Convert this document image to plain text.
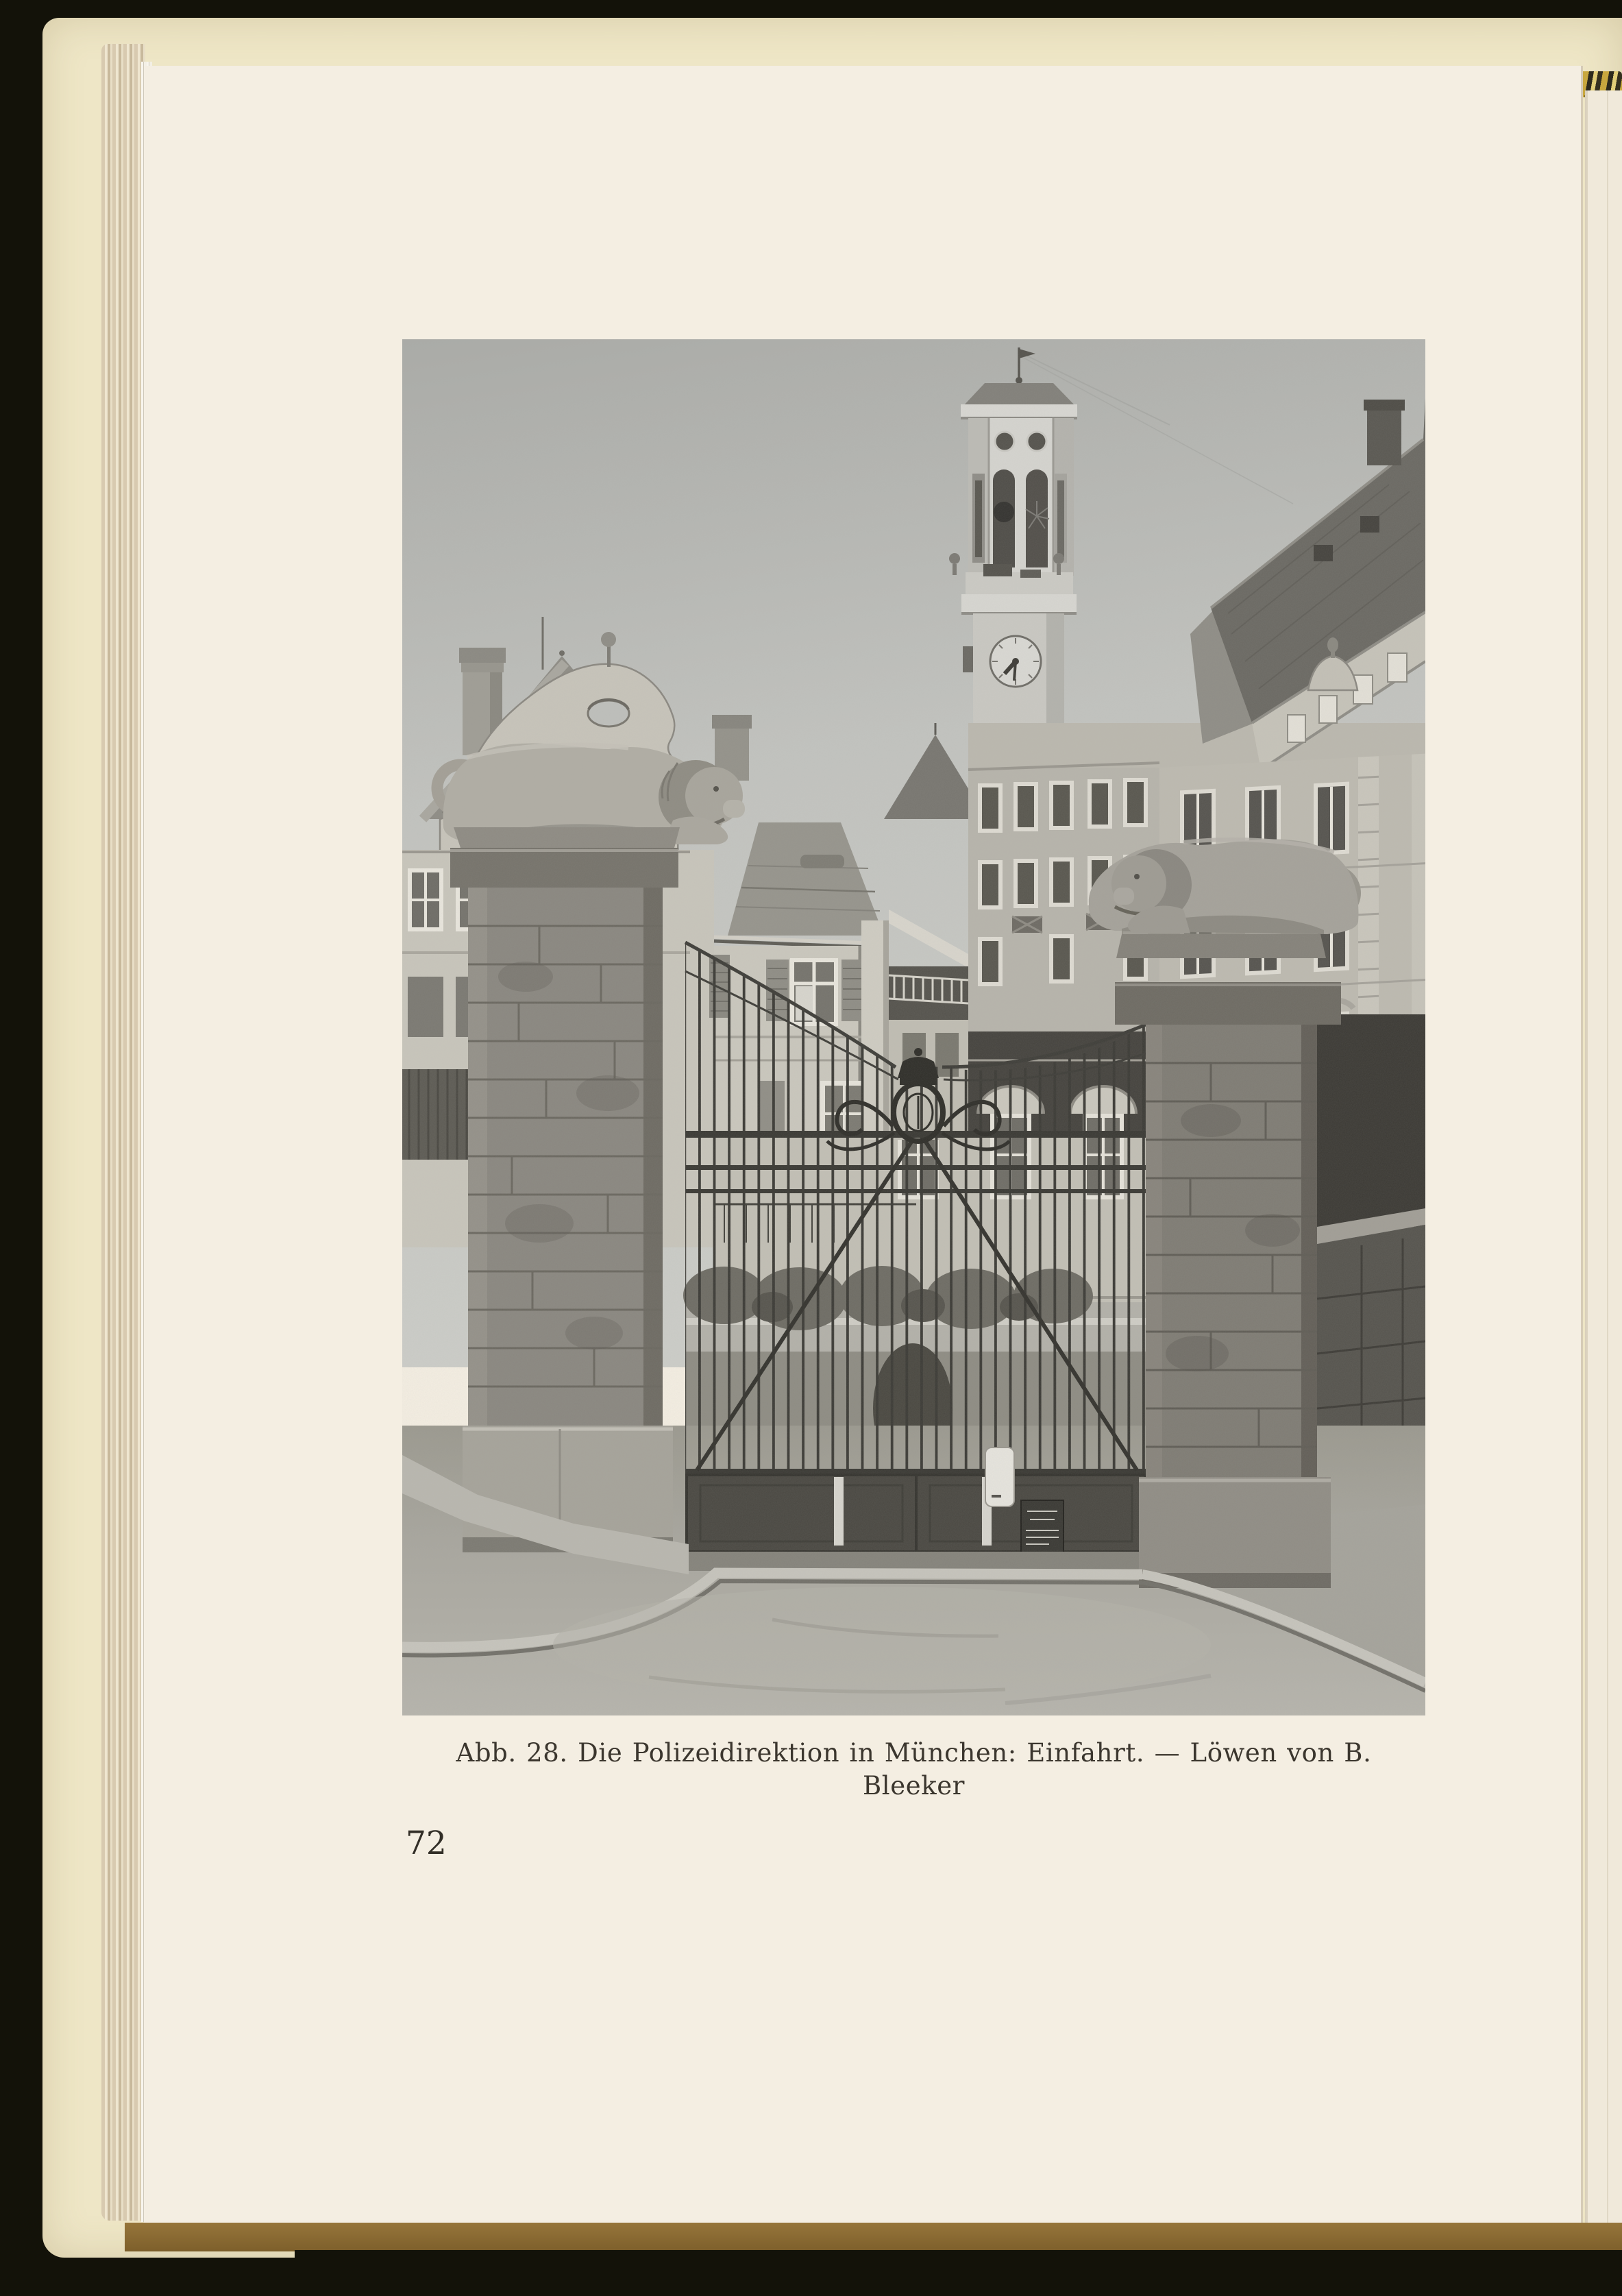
Abb. 28. Die Polizeidirektion in München: Einfahrt. — Löwen von B. Bleeker
72
